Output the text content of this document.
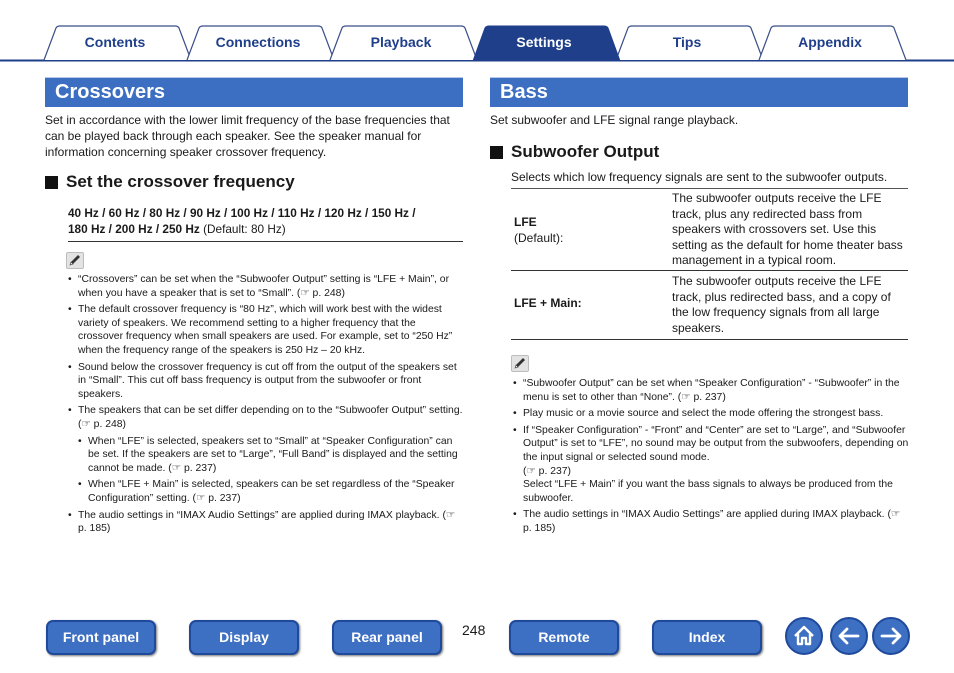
Contents	Connections	Playback	Settings	Tips	Appendix
Crossovers
Set in accordance with the lower limit frequency of the base frequencies that can be played back through each speaker. See the speaker manual for information concerning speaker crossover frequency.
Set the crossover frequency
40 Hz / 60 Hz / 80 Hz / 90 Hz / 100 Hz / 110 Hz / 120 Hz / 150 Hz /
180 Hz / 200 Hz / 250 Hz (Default: 80 Hz)
• “Crossovers” can be set when the “Subwoofer Output” setting is “LFE + Main”, or when you have a speaker that is set to “Small”. (☞ p. 248)
• The default crossover frequency is “80 Hz”, which will work best with the widest variety of speakers. We recommend setting to a higher frequency that the crossover frequency when small speakers are used. For example, set to “250 Hz” when the frequency range of the speakers is 250 Hz – 20 kHz.
• Sound below the crossover frequency is cut off from the output of the speakers set in “Small”. This cut off bass frequency is output from the subwoofer or front speakers.
• The speakers that can be set differ depending on to the “Subwoofer Output” setting. (☞ p. 248)
• When “LFE” is selected, speakers set to “Small” at “Speaker Configuration” can be set. If the speakers are set to “Large”, “Full Band” is displayed and the setting cannot be made. (☞ p. 237)
• When “LFE + Main” is selected, speakers can be set regardless of the “Speaker Configuration” setting. (☞ p. 237)
• The audio settings in “IMAX Audio Settings” are applied during IMAX playback. (☞ p. 185)
Bass
Set subwoofer and LFE signal range playback.
Subwoofer Output
Selects which low frequency signals are sent to the subwoofer outputs.
LFE
(Default):
The subwoofer outputs receive the LFE track, plus any redirected bass from speakers with crossovers set. Use this setting as the default for home theater bass management in a typical room.
LFE + Main:
The subwoofer outputs receive the LFE track, plus redirected bass, and a copy of the low frequency signals from all large speakers.
• “Subwoofer Output” can be set when “Speaker Configuration” - “Subwoofer” in the menu is set to other than “None”. (☞ p. 237)
• Play music or a movie source and select the mode offering the strongest bass.
• If “Speaker Configuration” - “Front” and “Center” are set to “Large”, and “Subwoofer Output” is set to “LFE”, no sound may be output from the subwoofers, depending on the input signal or selected sound mode.
(☞ p. 237)
Select “LFE + Main” if you want the bass signals to always be produced from the subwoofer.
• The audio settings in “IMAX Audio Settings” are applied during IMAX playback. (☞ p. 185)
Front panel	Display	Rear panel	248	Remote	Index
